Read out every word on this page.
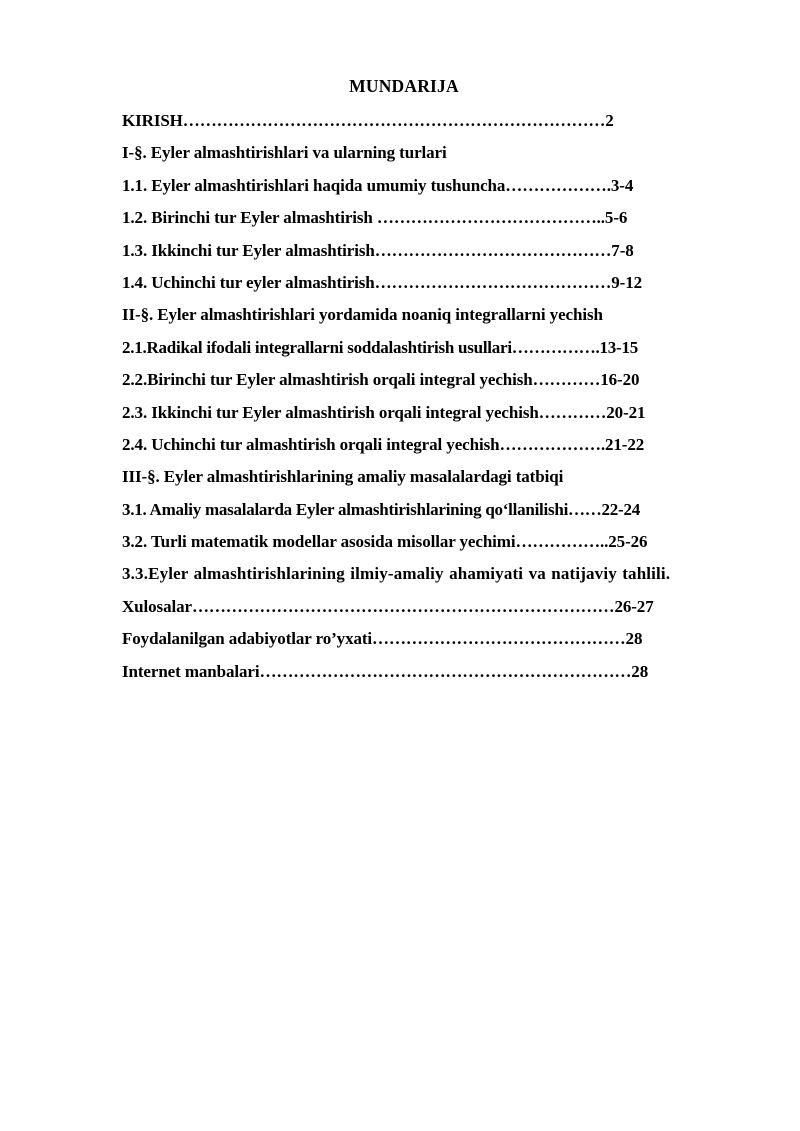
MUNDARIJA
KIRISH…………………………………………………………………2
I-§. Eyler almashtirishlari va ularning turlari
1.1. Eyler almashtirishlari haqida umumiy tushuncha……………….3-4
1.2. Birinchi tur Eyler almashtirish …………………………………..5-6
1.3. Ikkinchi tur Eyler almashtirish……………………………………7-8
1.4. Uchinchi tur eyler almashtirish……………………………………9-12
II-§. Eyler almashtirishlari yordamida noaniq integrallarni yechish
2.1.Radikal ifodali integrallarni soddalashtirish usullari…………….13-15
2.2.Birinchi tur Eyler almashtirish orqali integral yechish…………16-20
2.3. Ikkinchi tur Eyler almashtirish orqali integral yechish…………20-21
2.4. Uchinchi tur almashtirish orqali integral yechish……………….21-22
III-§. Eyler almashtirishlarining amaliy masalalardagi tatbiqi
3.1. Amaliy masalalarda Eyler almashtirishlarining qo‘llanilishi……22-24
3.2. Turli matematik modellar asosida misollar yechimi……………..25-26
3.3.Eyler almashtirishlarining ilmiy-amaliy ahamiyati va natijaviy tahlili.
Xulosalar…………………………………………………………………26-27
Foydalanilgan adabiyotlar ro’yxati………………………………………28
Internet manbalari…………………………………………………………28
